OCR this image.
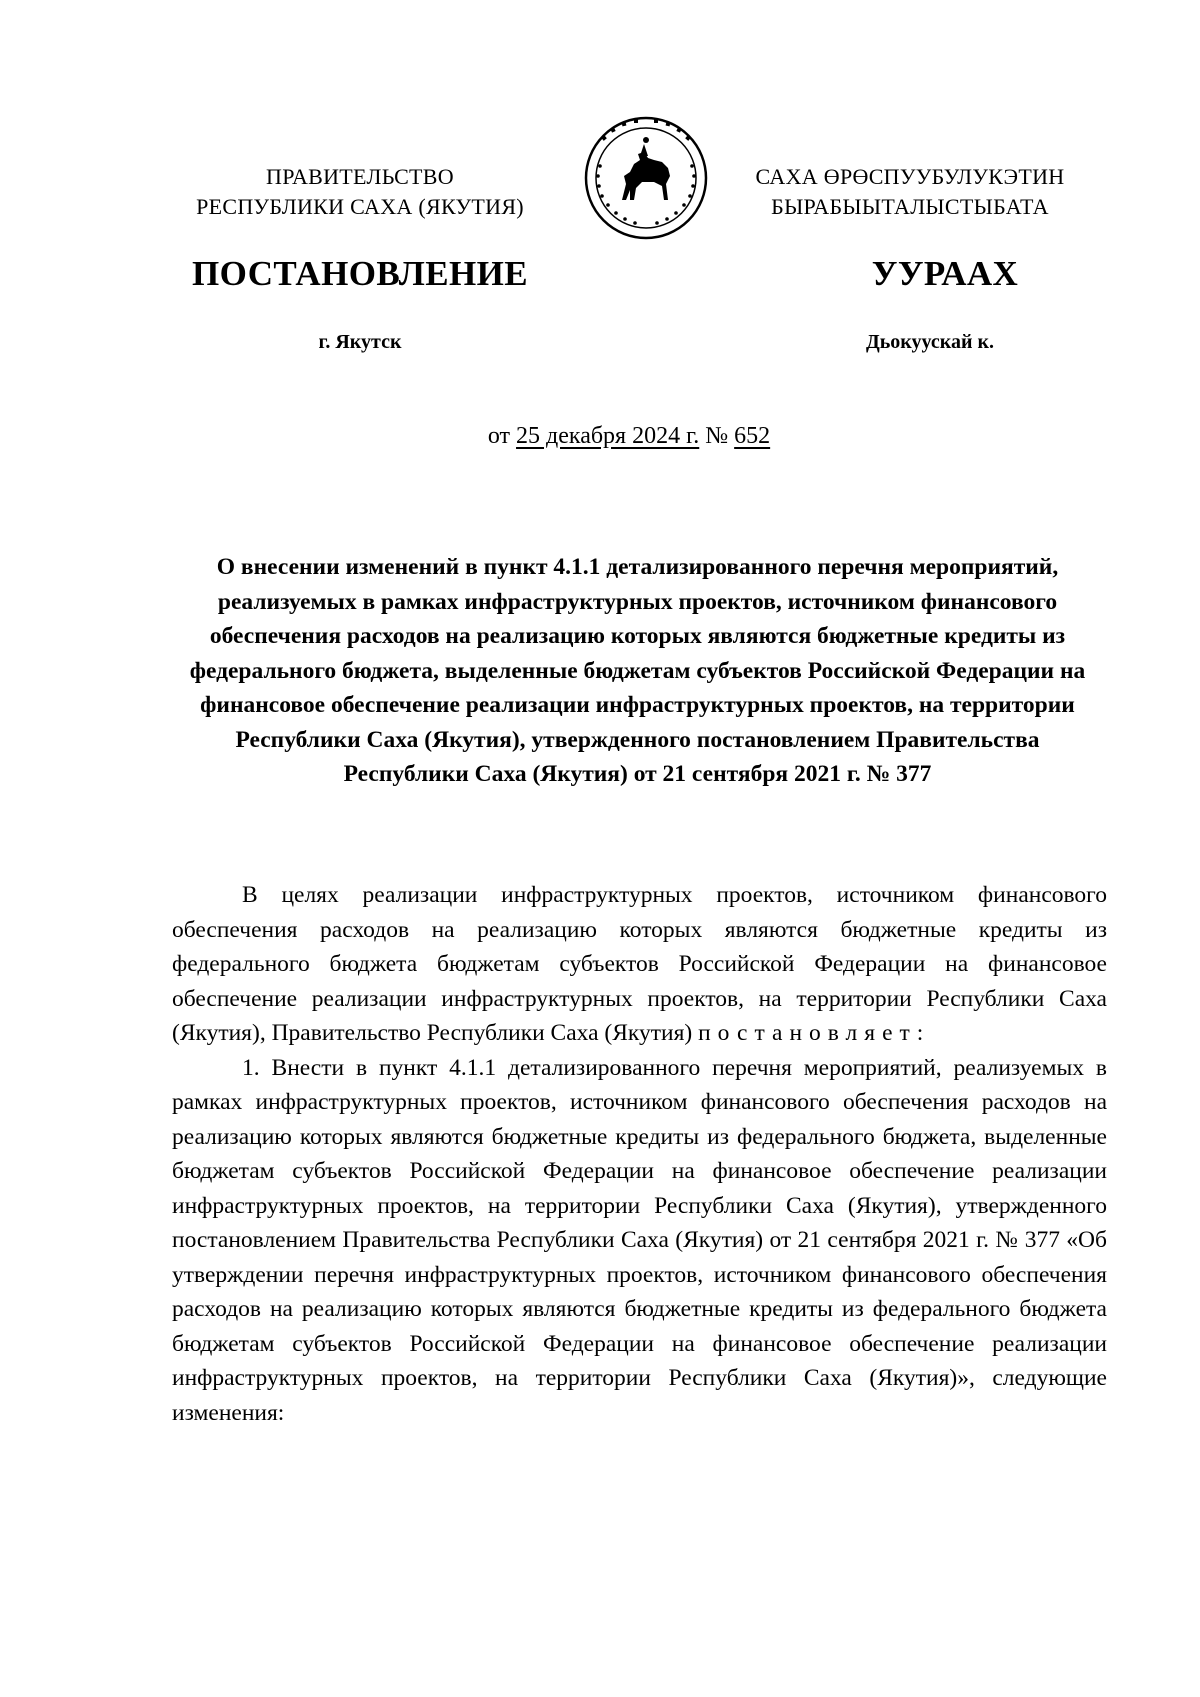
ПРАВИТЕЛЬСТВО
РЕСПУБЛИКИ САХА (ЯКУТИЯ)
САХА ӨРӨСПУУБУЛУКЭТИН
БЫРАБЫЫТАЛЫСТЫБАТА
ПОСТАНОВЛЕНИЕ	УУРААХ
г. Якутск	Дьокуускай к.
от 25 декабря 2024 г. № 652
О внесении изменений в пункт 4.1.1 детализированного перечня мероприятий, реализуемых в рамках инфраструктурных проектов, источником финансового обеспечения расходов на реализацию которых являются бюджетные кредиты из федерального бюджета, выделенные бюджетам субъектов Российской Федерации на финансовое обеспечение реализации инфраструктурных проектов, на территории Республики Саха (Якутия), утвержденного постановлением Правительства Республики Саха (Якутия) от 21 сентября 2021 г. № 377

В целях реализации инфраструктурных проектов, источником финансового обеспечения расходов на реализацию которых являются бюджетные кредиты из федерального бюджета бюджетам субъектов Российской Федерации на финансовое обеспечение реализации инфраструктурных проектов, на территории Республики Саха (Якутия), Правительство Республики Саха (Якутия) постановляет:

1. Внести в пункт 4.1.1 детализированного перечня мероприятий, реализуемых в рамках инфраструктурных проектов, источником финансового обеспечения расходов на реализацию которых являются бюджетные кредиты из федерального бюджета, выделенные бюджетам субъектов Российской Федерации на финансовое обеспечение реализации инфраструктурных проектов, на территории Республики Саха (Якутия), утвержденного постановлением Правительства Республики Саха (Якутия) от 21 сентября 2021 г. № 377 «Об утверждении перечня инфраструктурных проектов, источником финансового обеспечения расходов на реализацию которых являются бюджетные кредиты из федерального бюджета бюджетам субъектов Российской Федерации на финансовое обеспечение реализации инфраструктурных проектов, на территории Республики Саха (Якутия)», следующие изменения:
